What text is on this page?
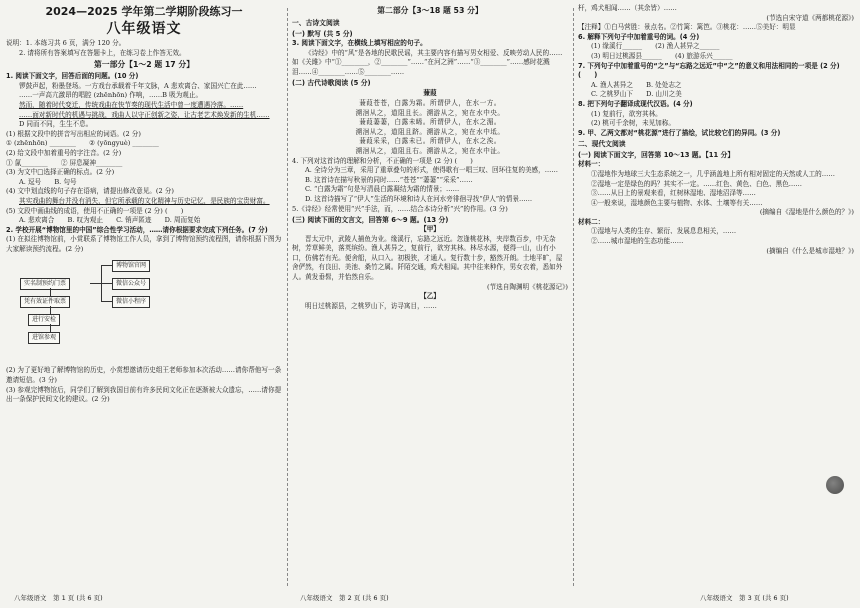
2024—2025 学年第二学期阶段练习一
八年级语文

说明：1. 本练习共 6 页，满分 120 分。

2. 请将所有答案填写在答题卡上，在练习卷上作答无效。

第一部分【1～2 题 17 分】

1. 阅读下面文字，回答后面的问题。(10 分)

锣鼓声起，粉墨登场。一方戏台承载着千年文脉，A 悲欢离合、家国兴亡在此……

……一声高亢激昂的唱腔 (zhēnhōn) 作响，……B 吸为观止。

然而，随着时代变迁，传统戏曲在快节奏的现代生活中曾一度遭遇冷落。……

……面对新时代的机遇与挑战，戏曲人以守正创新之姿，让古老艺术焕发新的生机……

D 同而不同，生生不息。

(1) 根据文段中的拼音写出相应的词语。(2 分)

① (zhēnhōn) ________　　② (yōngyuè) ________

(2) 给文段中加着重号的字注音。(2 分)

① 氤________　　② 屏息凝神________

(3) 为文中□选择正确的标点。(2 分)

A. 逗号　　B. 句号

(4) 文中划直线的句子存在语病，请提出修改意见。(2 分)

其实戏曲的舞台并没有消失，但它所承载的文化精神与历史记忆，是民族的宝贵财富。

(5) 文段中画曲线的成语，使用不正确的一项是 (2 分) (　　)

A. 悲欢离合　　B. 叹为观止　　C. 销声匿迹　　D. 周而复始

2. 学校开展“博物馆里的中国”综合性学习活动，……请你根据要求完成下列任务。(7 分)

(1) 在拟往博物馆前，小赏联系了博物馆工作人员，拿到了博物馆预约流程图，请你根据下图为大家解读预约流程。(2 分)

博物馆官网
实名制预约门票	微信公众号
微信小程序
凭有效证件取票
进行安检
进馆参观

(2) 为了更好地了解博物馆的历史，小赏想邀请历史组王老师参加本次活动……请你帮他写一条邀请短信。(3 分)

(3) 参观完博物馆后，同学们了解到我国目前有许多民间文化正在逐渐被大众遗忘，……请你提出一条保护民间文化的建议。(2 分)

第二部分【3～18 题 53 分】

一、古诗文阅读

(一) 默写 (共 5 分)

3. 阅读下面文字，在横线上填写相应的句子。

《诗经》中的“风”是各地的民歌民谣，其主要内容有描写男女相爱、反映劳动人民的……如《关雎》中“①________，②________”……“在河之洲”……“③________”……感时花溅泪……④________……⑤________……

(二) 古代诗歌阅读 (5 分)

蒹葭
蒹葭苍苍，白露为霜。所谓伊人，在水一方。
溯洄从之，道阻且长。溯游从之，宛在水中央。
蒹葭萋萋，白露未晞。所谓伊人，在水之湄。
溯洄从之，道阻且跻。溯游从之，宛在水中坻。
蒹葭采采，白露未已。所谓伊人，在水之涘。
溯洄从之，道阻且右。溯游从之，宛在水中沚。

4. 下列对这首诗的理解和分析，不正确的一项是 (2 分) (　　)

A. 全诗分为三章，采用了重章叠句的形式，使得歌有一唱三叹、回环往复的美感，……

B. 这首诗在描写秋景的同时……“苍苍”“萋萋”“采采”……

C. “白露为霜”句是写清晨白露凝结为霜的情景；……

D. 这首诗描写了“伊人”生活的环境和诗人在河水旁徘徊寻找“伊人”的情景……

5.《诗经》经常使用“兴”手法，而，……结合本诗分析“兴”的作用。(3 分)

(三) 阅读下面的文言文，回答第 6～9 题。(13 分)

【甲】

晋太元中，武陵人捕鱼为业。缘溪行，忘路之远近。忽逢桃花林，夹岸数百步，中无杂树，芳草鲜美，落英缤纷。渔人甚异之，复前行，欲穷其林。林尽水源，便得一山，山有小口，仿佛若有光。便舍船，从口入。初极狭，才通人。复行数十步，豁然开朗。土地平旷，屋舍俨然，有良田、美池、桑竹之属。阡陌交通，鸡犬相闻。其中往来种作，男女衣着，悉如外人。黄发垂髫，并怡然自乐。

(节选自陶渊明《桃花源记》)

【乙】

明日过桃源县，之桃罗山下，访寻寓目，……

杆，鸡犬相闻……（其余皆）……

(节选自宋守道《两都桃花源》)

【注释】①白马营胜：景点名。②竹篱：篱笆。③桃花：……⑤美好：明显

6. 解释下列句子中加着重号的词。(4 分)

(1) 缘溪行______　　(2) 渔人甚异之______

(3) 明日过桃源县______　　(4) 旅游乐兴______

7. 下列句子中加着重号的“之”与“忘路之远近”中“之”的意义和用法相同的一项是 (2 分) (　　)

A. 渔人甚异之　　B. 处处志之

C. 之桃罗山下　　D. 山川之美

8. 把下列句子翻译成现代汉语。(4 分)

(1) 复前行，欲穷其林。

(2) 桃可千余树，未见加称。

9. 甲、乙两文都对“桃花源”进行了描绘，试比较它们的异同。(3 分)

二、现代文阅读

(一) 阅读下面文字，回答第 10～13 题。【11 分】

材料一：

①湿地作为地球三大生态系统之一，几乎涵盖地上所有相对固定的天然或人工的……

②湿地一定是绿色的吗？其实不一定。……红色、黄色、白色、黑色……

③……从日上的景观来看，红树林湿地、湿地沼泽等……

④一般来说，湿地颜色主要与植物、水体、土壤等有关……

(摘编自《湿地是什么颜色的？》)

材料二：

①湿地与人类的生存、繁衍、发展息息相关，……

②……城市湿地的生态功能……

(摘编自《什么是城市湿地？》)

八年级语文　第 1 页 (共 6 页)	八年级语文　第 2 页 (共 6 页)	八年级语文　第 3 页 (共 6 页)
